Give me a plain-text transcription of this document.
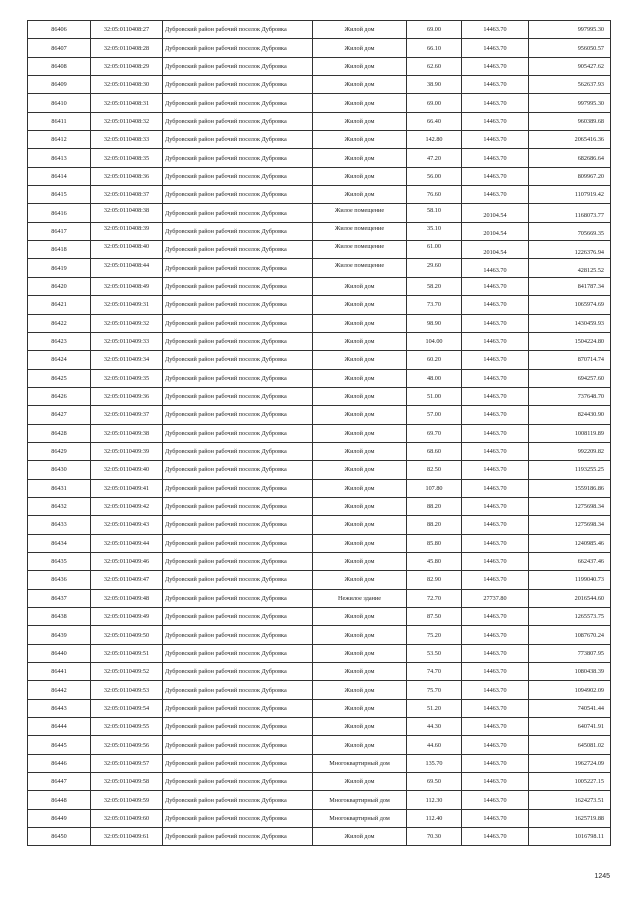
86406	32:05:0110408:27	Дубровский район рабочий поселок Дубровка	Жилой дом	69.00	14463.70	997995.30
86407	32:05:0110408:28	Дубровский район рабочий поселок Дубровка	Жилой дом	66.10	14463.70	956050.57
86408	32:05:0110408:29	Дубровский район рабочий поселок Дубровка	Жилой дом	62.60	14463.70	905427.62
86409	32:05:0110408:30	Дубровский район рабочий поселок Дубровка	Жилой дом	38.90	14463.70	562637.93
86410	32:05:0110408:31	Дубровский район рабочий поселок Дубровка	Жилой дом	69.00	14463.70	997995.30
86411	32:05:0110408:32	Дубровский район рабочий поселок Дубровка	Жилой дом	66.40	14463.70	960389.68
86412	32:05:0110408:33	Дубровский район рабочий поселок Дубровка	Жилой дом	142.80	14463.70	2065416.36
86413	32:05:0110408:35	Дубровский район рабочий поселок Дубровка	Жилой дом	47.20	14463.70	682686.64
86414	32:05:0110408:36	Дубровский район рабочий поселок Дубровка	Жилой дом	56.00	14463.70	809967.20
86415	32:05:0110408:37	Дубровский район рабочий поселок Дубровка	Жилой дом	76.60	14463.70	1107919.42
86416	32:05:0110408:38	Дубровский район рабочий поселок Дубровка	Жилое помещение	58.10	20104.54	1168073.77

86417	32:05:0110408:39	Дубровский район рабочий поселок Дубровка	Жилое помещение	35.10	20104.54	705669.35

86418	32:05:0110408:40	Дубровский район рабочий поселок Дубровка	Жилое помещение	61.00	20104.54	1226376.94

86419	32:05:0110408:44	Дубровский район рабочий поселок Дубровка	Жилое помещение	29.60	14463.70	428125.52

86420	32:05:0110408:49	Дубровский район рабочий поселок Дубровка	Жилой дом	58.20	14463.70	841787.34
86421	32:05:0110409:31	Дубровский район рабочий поселок Дубровка	Жилой дом	73.70	14463.70	1065974.69
86422	32:05:0110409:32	Дубровский район рабочий поселок Дубровка	Жилой дом	98.90	14463.70	1430459.93
86423	32:05:0110409:33	Дубровский район рабочий поселок Дубровка	Жилой дом	104.00	14463.70	1504224.80
86424	32:05:0110409:34	Дубровский район рабочий поселок Дубровка	Жилой дом	60.20	14463.70	870714.74
86425	32:05:0110409:35	Дубровский район рабочий поселок Дубровка	Жилой дом	48.00	14463.70	694257.60
86426	32:05:0110409:36	Дубровский район рабочий поселок Дубровка	Жилой дом	51.00	14463.70	737648.70
86427	32:05:0110409:37	Дубровский район рабочий поселок Дубровка	Жилой дом	57.00	14463.70	824430.90
86428	32:05:0110409:38	Дубровский район рабочий поселок Дубровка	Жилой дом	69.70	14463.70	1008119.89
86429	32:05:0110409:39	Дубровский район рабочий поселок Дубровка	Жилой дом	68.60	14463.70	992209.82
86430	32:05:0110409:40	Дубровский район рабочий поселок Дубровка	Жилой дом	82.50	14463.70	1193255.25
86431	32:05:0110409:41	Дубровский район рабочий поселок Дубровка	Жилой дом	107.80	14463.70	1559186.86
86432	32:05:0110409:42	Дубровский район рабочий поселок Дубровка	Жилой дом	88.20	14463.70	1275698.34
86433	32:05:0110409:43	Дубровский район рабочий поселок Дубровка	Жилой дом	88.20	14463.70	1275698.34
86434	32:05:0110409:44	Дубровский район рабочий поселок Дубровка	Жилой дом	85.80	14463.70	1240985.46
86435	32:05:0110409:46	Дубровский район рабочий поселок Дубровка	Жилой дом	45.80	14463.70	662437.46
86436	32:05:0110409:47	Дубровский район рабочий поселок Дубровка	Жилой дом	82.90	14463.70	1199040.73
86437	32:05:0110409:48	Дубровский район рабочий поселок Дубровка	Нежилое здание	72.70	27737.80	2016544.60
86438	32:05:0110409:49	Дубровский район рабочий поселок Дубровка	Жилой дом	87.50	14463.70	1265573.75
86439	32:05:0110409:50	Дубровский район рабочий поселок Дубровка	Жилой дом	75.20	14463.70	1087670.24
86440	32:05:0110409:51	Дубровский район рабочий поселок Дубровка	Жилой дом	53.50	14463.70	773807.95
86441	32:05:0110409:52	Дубровский район рабочий поселок Дубровка	Жилой дом	74.70	14463.70	1080438.39
86442	32:05:0110409:53	Дубровский район рабочий поселок Дубровка	Жилой дом	75.70	14463.70	1094902.09
86443	32:05:0110409:54	Дубровский район рабочий поселок Дубровка	Жилой дом	51.20	14463.70	740541.44
86444	32:05:0110409:55	Дубровский район рабочий поселок Дубровка	Жилой дом	44.30	14463.70	640741.91
86445	32:05:0110409:56	Дубровский район рабочий поселок Дубровка	Жилой дом	44.60	14463.70	645081.02
86446	32:05:0110409:57	Дубровский район рабочий поселок Дубровка	Многоквартирный дом	135.70	14463.70	1962724.09
86447	32:05:0110409:58	Дубровский район рабочий поселок Дубровка	Жилой дом	69.50	14463.70	1005227.15
86448	32:05:0110409:59	Дубровский район рабочий поселок Дубровка	Многоквартирный дом	112.30	14463.70	1624273.51
86449	32:05:0110409:60	Дубровский район рабочий поселок Дубровка	Многоквартирный дом	112.40	14463.70	1625719.88
86450	32:05:0110409:61	Дубровский район рабочий поселок Дубровка	Жилой дом	70.30	14463.70	1016798.11
1245
